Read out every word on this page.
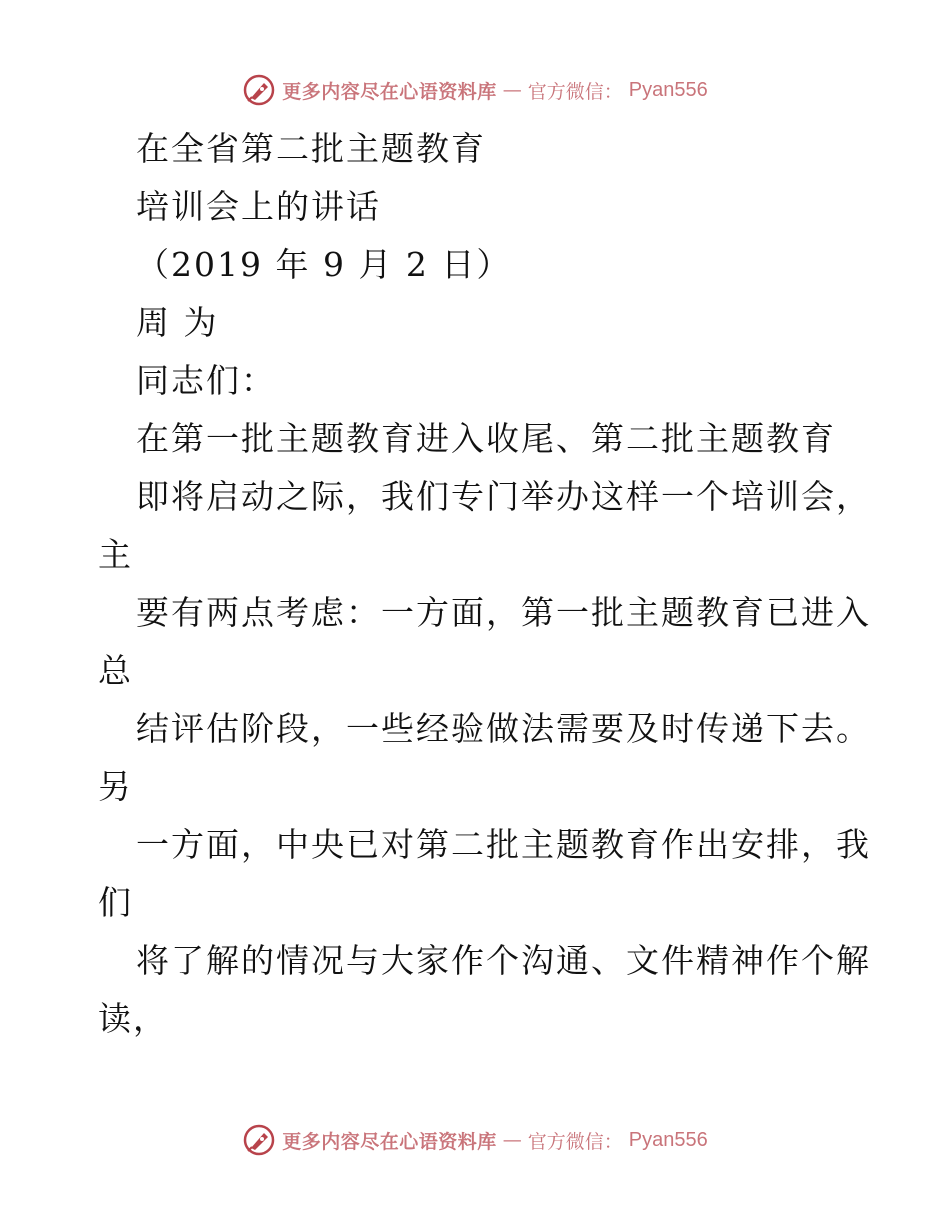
更多内容尽在心语资料库 — 官方微信： Pyan556
在全省第二批主题教育
培训会上的讲话
（2019 年 9 月 2 日）
周 为
同志们：
在第一批主题教育进入收尾、第二批主题教育
即将启动之际，我们专门举办这样一个培训会，
主
要有两点考虑：一方面，第一批主题教育已进入
总
结评估阶段，一些经验做法需要及时传递下去。
另
一方面，中央已对第二批主题教育作出安排，我
们
将了解的情况与大家作个沟通、文件精神作个解
读，
更多内容尽在心语资料库 — 官方微信： Pyan556
